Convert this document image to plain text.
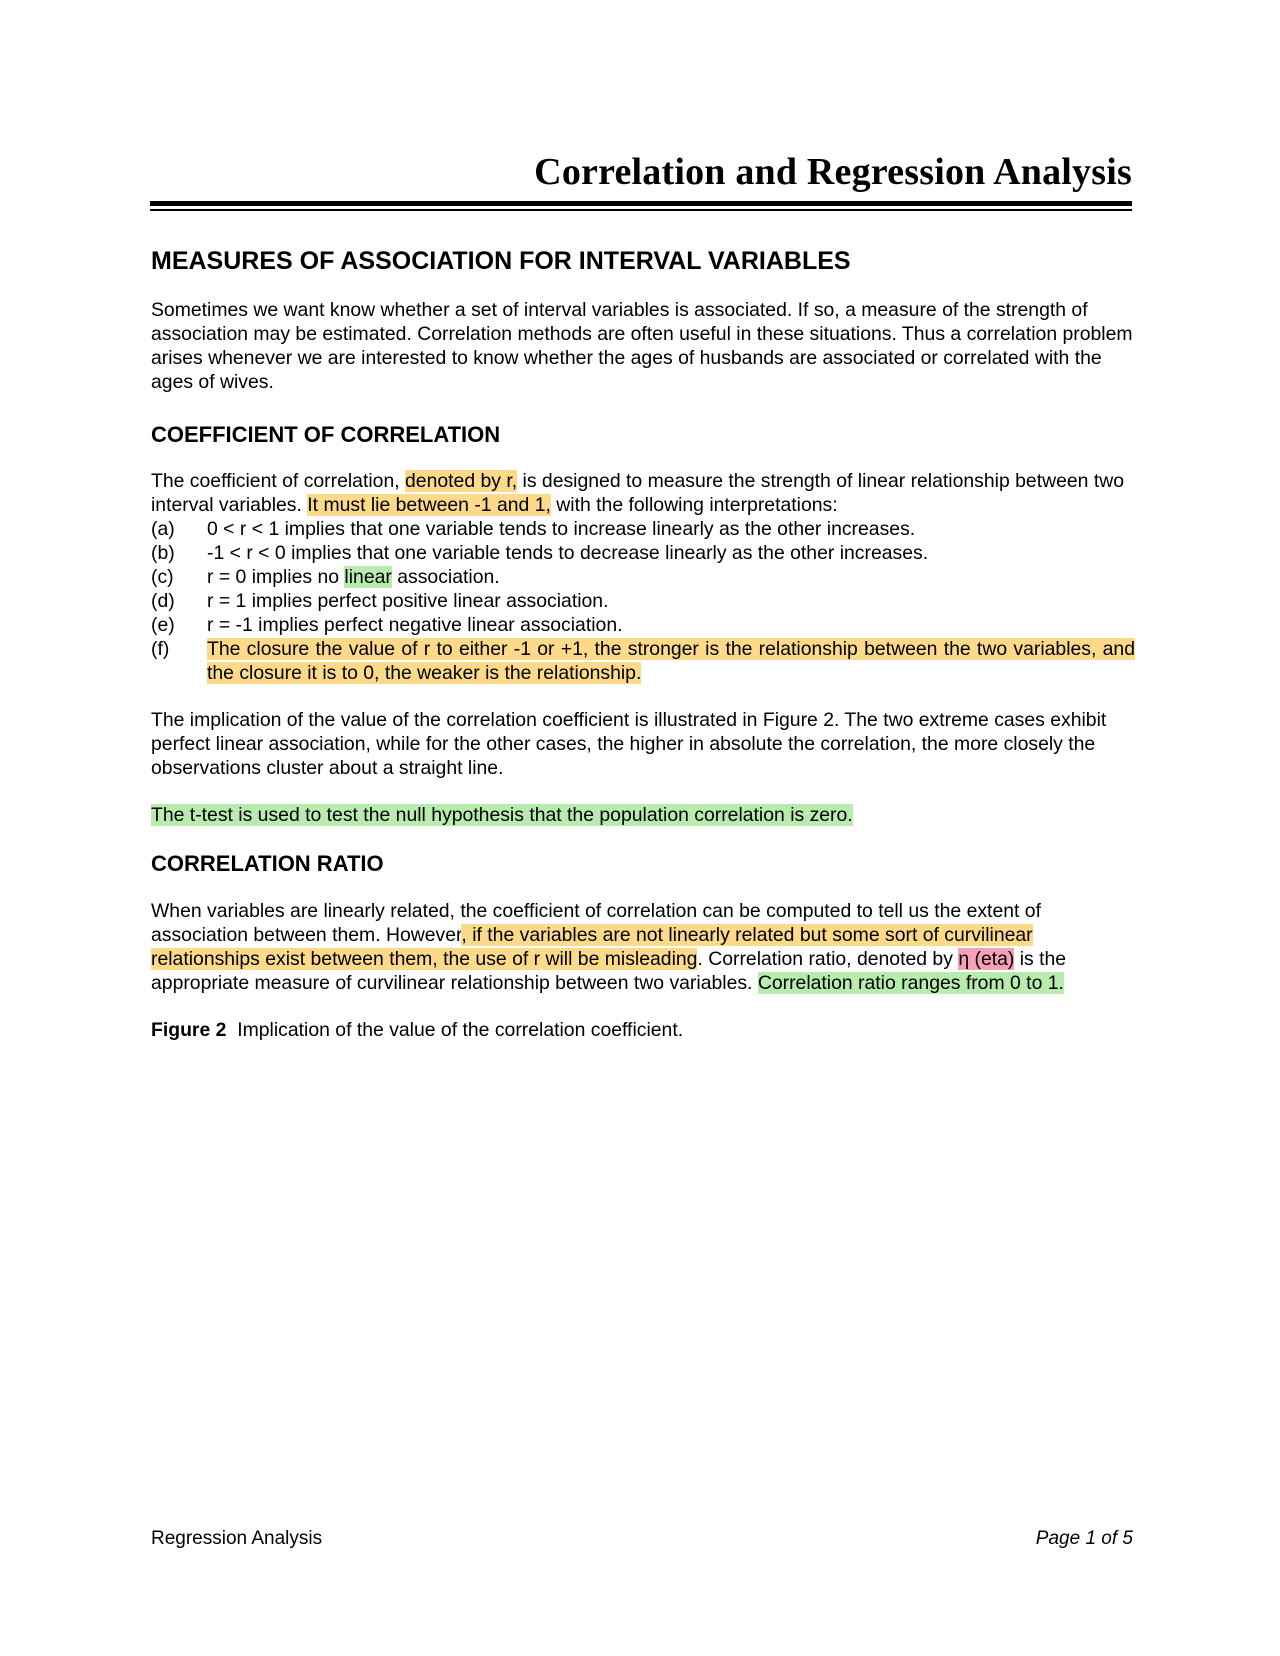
Correlation and Regression Analysis
MEASURES OF ASSOCIATION FOR INTERVAL VARIABLES

Sometimes we want know whether a set of interval variables is associated. If so, a measure of the strength of association may be estimated. Correlation methods are often useful in these situations. Thus a correlation problem arises whenever we are interested to know whether the ages of husbands are associated or correlated with the ages of wives.

COEFFICIENT OF CORRELATION

The coefficient of correlation, denoted by r, is designed to measure the strength of linear relationship between two interval variables. It must lie between -1 and 1, with the following interpretations:

(a)	0 < r < 1 implies that one variable tends to increase linearly as the other increases.
(b)	-1 < r < 0 implies that one variable tends to decrease linearly as the other increases.
(c)	r = 0 implies no linear association.
(d)	r = 1 implies perfect positive linear association.
(e)	r = -1 implies perfect negative linear association.
(f)	The closure the value of r to either -1 or +1, the stronger is the relationship between the two variables, and the closure it is to 0, the weaker is the relationship.

The implication of the value of the correlation coefficient is illustrated in Figure 2. The two extreme cases exhibit perfect linear association, while for the other cases, the higher in absolute the correlation, the more closely the observations cluster about a straight line.

The t-test is used to test the null hypothesis that the population correlation is zero.

CORRELATION RATIO

When variables are linearly related, the coefficient of correlation can be computed to tell us the extent of association between them. However, if the variables are not linearly related but some sort of curvilinear relationships exist between them, the use of r will be misleading. Correlation ratio, denoted by η (eta) is the appropriate measure of curvilinear relationship between two variables. Correlation ratio ranges from 0 to 1.

Figure 2 Implication of the value of the correlation coefficient.

Regression Analysis	Page 1 of 5
